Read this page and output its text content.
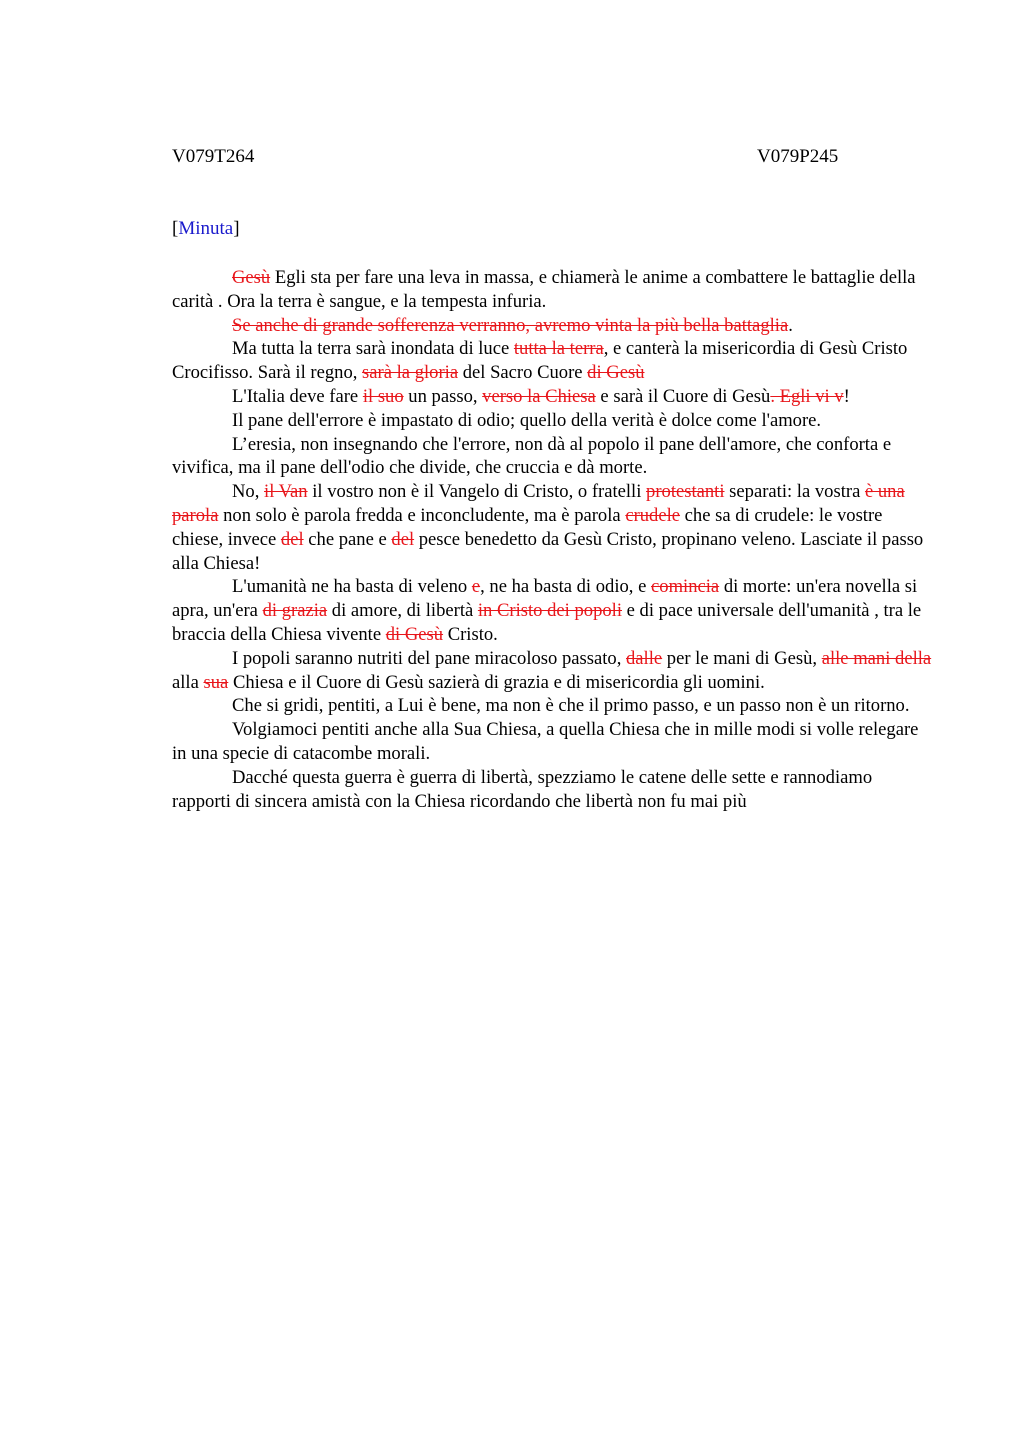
V079T264	V079P245
[Minuta]

Gesù Egli sta per fare una leva in massa, e chiamerà le anime a combattere le battaglie della carità . Ora la terra è sangue, e la tempesta infuria.

Se anche di grande sofferenza verranno, avremo vinta la più bella battaglia.

Ma tutta la terra sarà inondata di luce tutta la terra, e canterà la misericordia di Gesù Cristo Crocifisso. Sarà il regno, sarà la gloria del Sacro Cuore di Gesù

L'Italia deve fare il suo un passo, verso la Chiesa e sarà il Cuore di Gesù. Egli vi v!

Il pane dell'errore è impastato di odio; quello della verità è dolce come l'amore.

L’eresia, non insegnando che l'errore, non dà al popolo il pane dell'amore, che conforta e vivifica, ma il pane dell'odio che divide, che cruccia e dà morte.

No, il Van il vostro non è il Vangelo di Cristo, o fratelli protestanti separati: la vostra è una parola non solo è parola fredda e inconcludente, ma è parola crudele che sa di crudele: le vostre chiese, invece del che pane e del pesce benedetto da Gesù Cristo, propinano veleno. Lasciate il passo alla Chiesa!

L'umanità ne ha basta di veleno e, ne ha basta di odio, e comincia di morte: un'era novella si apra, un'era di grazia di amore, di libertà in Cristo dei popoli e di pace universale dell'umanità , tra le braccia della Chiesa vivente di Gesù Cristo.

I popoli saranno nutriti del pane miracoloso passato, dalle per le mani di Gesù, alle mani della alla sua Chiesa e il Cuore di Gesù sazierà di grazia e di misericordia gli uomini.

Che si gridi, pentiti, a Lui è bene, ma non è che il primo passo, e un passo non è un ritorno.

Volgiamoci pentiti anche alla Sua Chiesa, a quella Chiesa che in mille modi si volle relegare in una specie di catacombe morali.

Dacché questa guerra è guerra di libertà, spezziamo le catene delle sette e rannodiamo rapporti di sincera amistà con la Chiesa ricordando che libertà non fu mai più
